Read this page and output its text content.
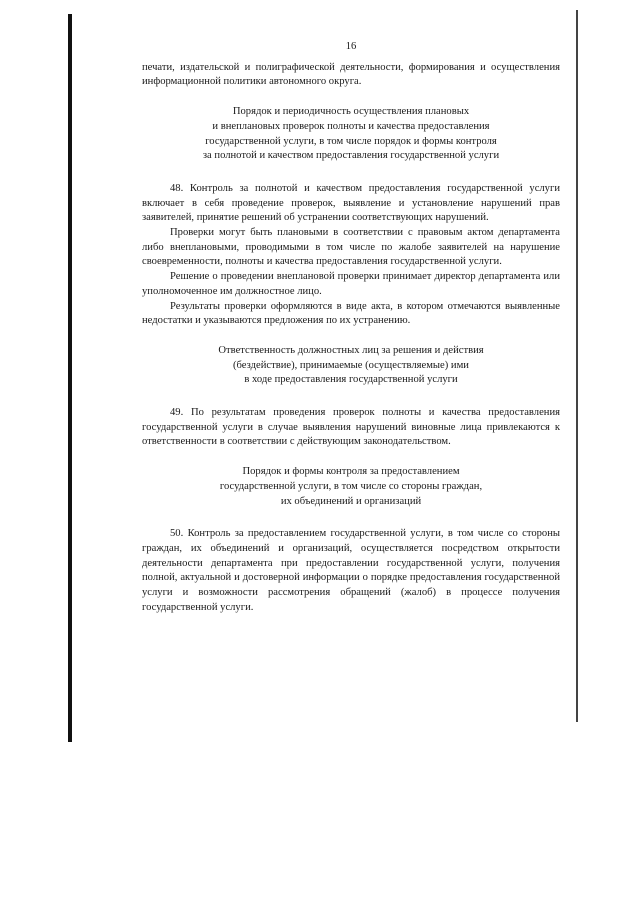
16

печати, издательской и полиграфической деятельности, формирования и осуществления информационной политики автономного округа.

Порядок и периодичность осуществления плановых
и внеплановых проверок полноты и качества предоставления
государственной услуги, в том числе порядок и формы контроля
за полнотой и качеством предоставления государственной услуги

48. Контроль за полнотой и качеством предоставления государственной услуги включает в себя проведение проверок, выявление и установление нарушений прав заявителей, принятие решений об устранении соответствующих нарушений.

Проверки могут быть плановыми в соответствии с правовым актом департамента либо внеплановыми, проводимыми в том числе по жалобе заявителей на нарушение своевременности, полноты и качества предоставления государственной услуги.

Решение о проведении внеплановой проверки принимает директор департамента или уполномоченное им должностное лицо.

Результаты проверки оформляются в виде акта, в котором отмечаются выявленные недостатки и указываются предложения по их устранению.

Ответственность должностных лиц за решения и действия
(бездействие), принимаемые (осуществляемые) ими
в ходе предоставления государственной услуги

49. По результатам проведения проверок полноты и качества предоставления государственной услуги в случае выявления нарушений виновные лица привлекаются к ответственности в соответствии с действующим законодательством.

Порядок и формы контроля за предоставлением
государственной услуги, в том числе со стороны граждан,
их объединений и организаций

50. Контроль за предоставлением государственной услуги, в том числе со стороны граждан, их объединений и организаций, осуществляется посредством открытости деятельности департамента при предоставлении государственной услуги, получения полной, актуальной и достоверной информации о порядке предоставления государственной услуги и возможности рассмотрения обращений (жалоб) в процессе получения государственной услуги.
